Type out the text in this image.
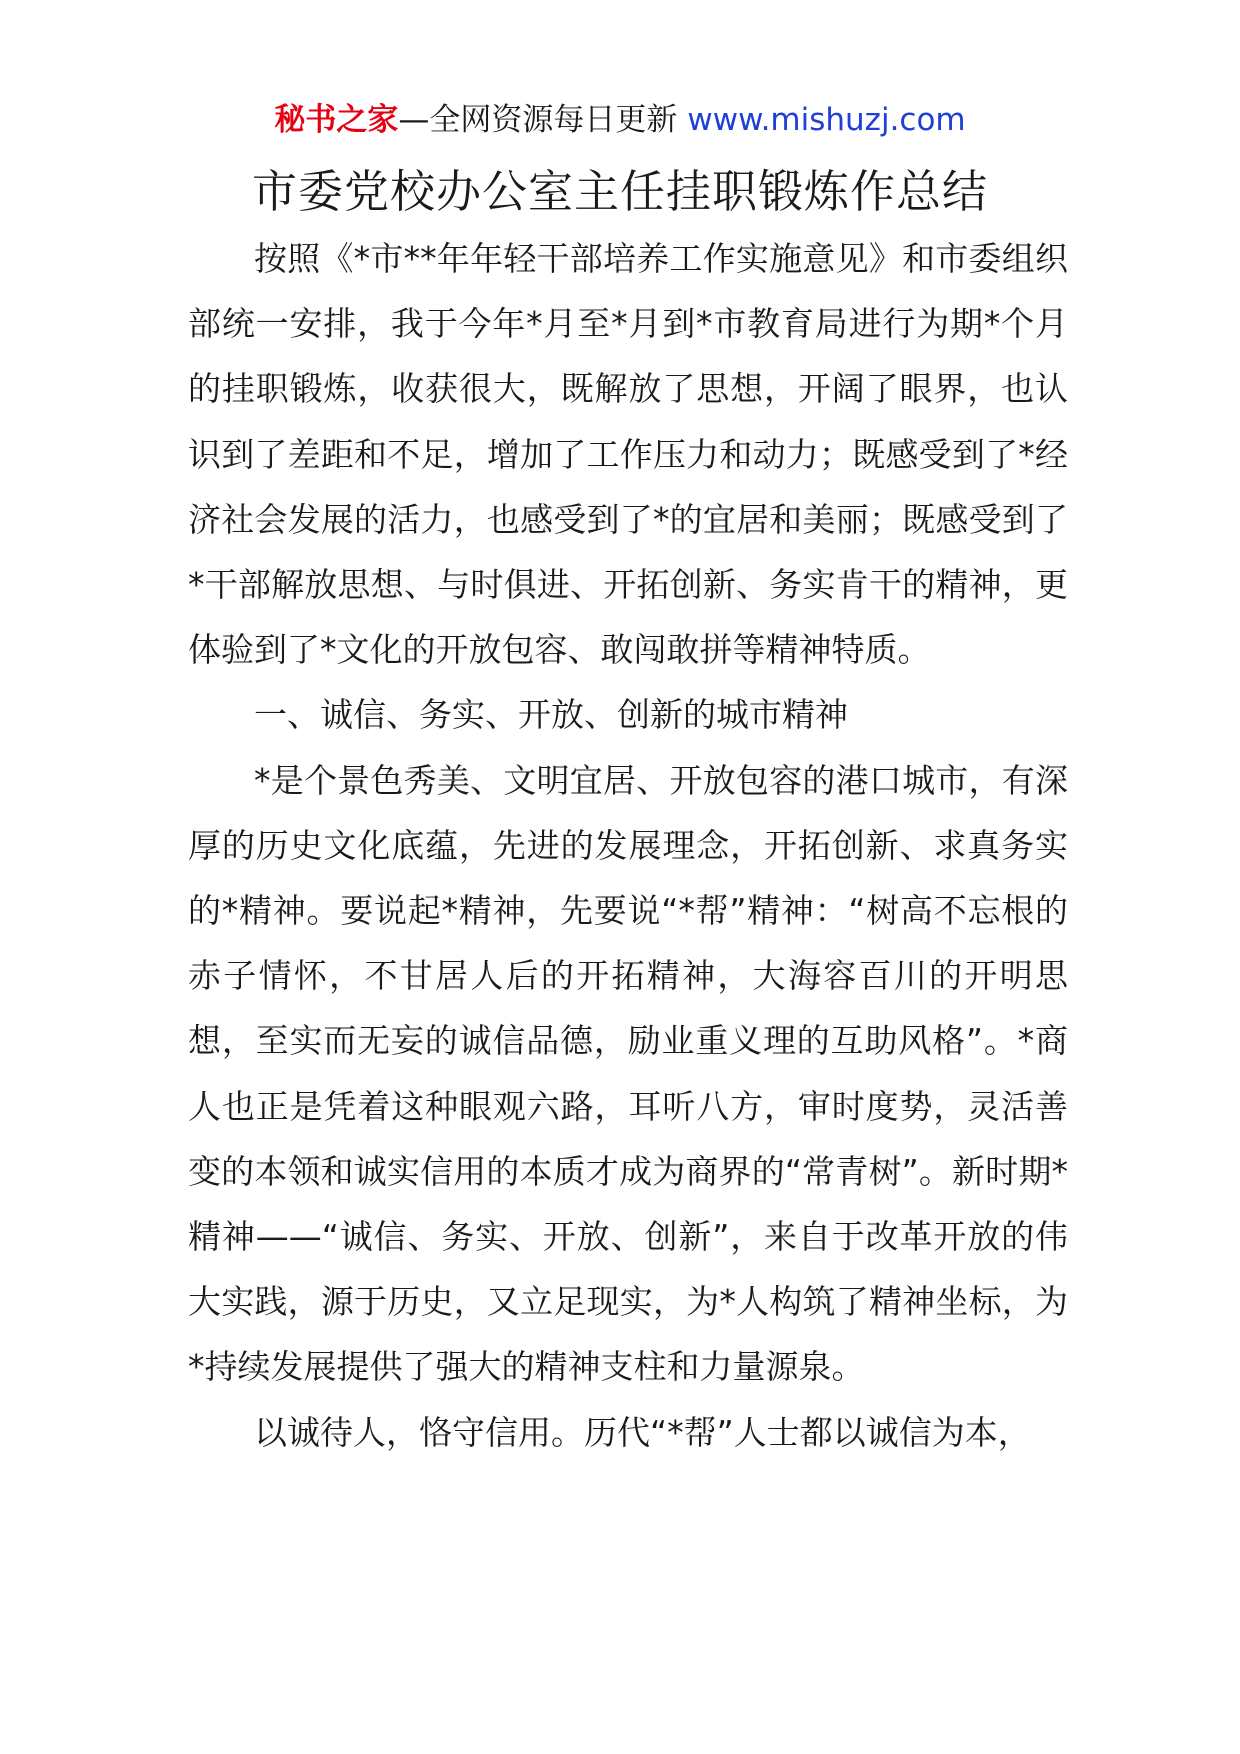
秘书之家—全网资源每日更新 www.mishuzj.com
市委党校办公室主任挂职锻炼作总结

按照《*市**年年轻干部培养工作实施意见》和市委组织部统一安排，我于今年*月至*月到*市教育局进行为期*个月的挂职锻炼，收获很大，既解放了思想，开阔了眼界，也认识到了差距和不足，增加了工作压力和动力；既感受到了*经济社会发展的活力，也感受到了*的宜居和美丽；既感受到了*干部解放思想、与时俱进、开拓创新、务实肯干的精神，更体验到了*文化的开放包容、敢闯敢拼等精神特质。

一、诚信、务实、开放、创新的城市精神

*是个景色秀美、文明宜居、开放包容的港口城市，有深厚的历史文化底蕴，先进的发展理念，开拓创新、求真务实的*精神。要说起*精神，先要说“*帮”精神：“树高不忘根的赤子情怀，不甘居人后的开拓精神，大海容百川的开明思想，至实而无妄的诚信品德，励业重义理的互助风格”。*商人也正是凭着这种眼观六路，耳听八方，审时度势，灵活善变的本领和诚实信用的本质才成为商界的“常青树”。新时期*精神——“诚信、务实、开放、创新”，来自于改革开放的伟大实践，源于历史，又立足现实，为*人构筑了精神坐标，为*持续发展提供了强大的精神支柱和力量源泉。

以诚待人，恪守信用。历代“*帮”人士都以诚信为本，
